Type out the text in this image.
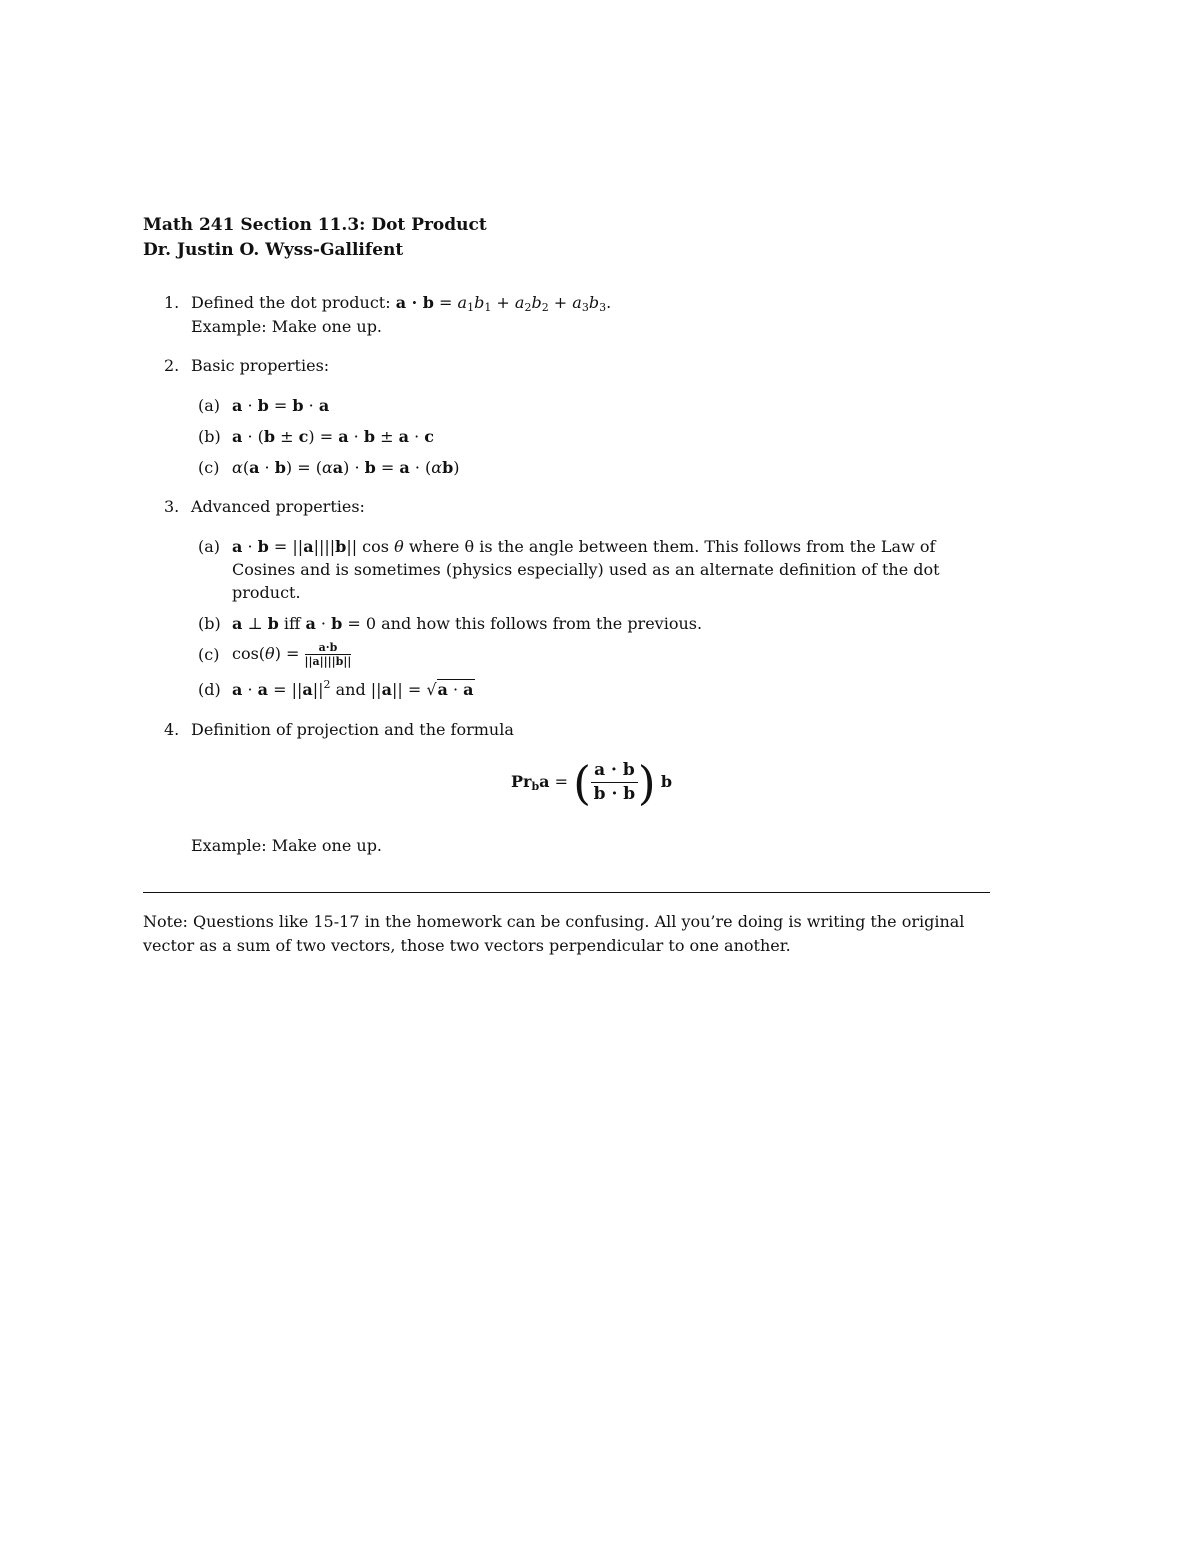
Math 241 Section 11.3: Dot Product
Dr. Justin O. Wyss-Gallifent
1. Defined the dot product: $a \cdot b = a_1b_1 + a_2b_2 + a_3b_3$.
Example: Make one up.
2. Basic properties:
(a) a · b = b · a
(b) a · (b ± c) = a · b ± a · c
(c) α(a · b) = (αa) · b = a · (αb)
3. Advanced properties:
(a) a · b = ||a||||b|| cos θ where θ is the angle between them. This follows from the Law of
Cosines and is sometimes (physics especially) used as an alternate definition of the dot
product.
(b) a ⊥ b iff a · b = 0 and how this follows from the previous.
(c) $\cos(\theta) = \frac{a\cdot b}{||a||||b||}$
(d) $a \cdot a = ||a||^2$ and ||a|| = √a · a
4. Definition of projection and the formula
$Pr_ba$ = ( $\frac{a \cdot b}{b \cdot b}$ ) b
Example: Make one up.
Note: Questions like 15-17 in the homework can be confusing. All you’re doing is writing the original
vector as a sum of two vectors, those two vectors perpendicular to one another.
